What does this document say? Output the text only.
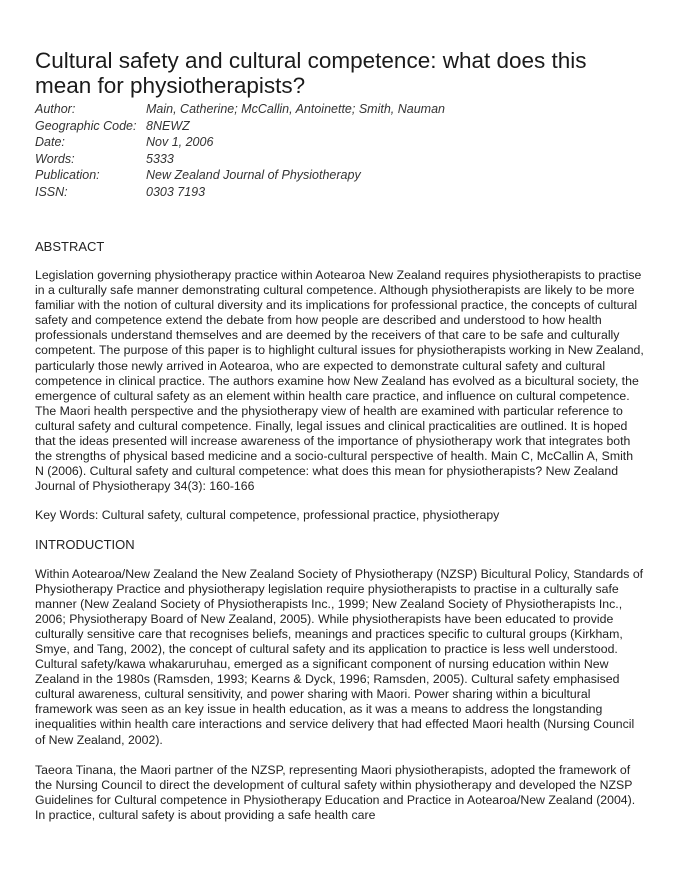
Cultural safety and cultural competence: what does this mean for physiotherapists?
Author:	Main, Catherine; McCallin, Antoinette; Smith, Nauman
Geographic Code: 8NEWZ
Date:	Nov 1, 2006
Words:	5333
Publication:	New Zealand Journal of Physiotherapy
ISSN:	0303 7193
ABSTRACT

Legislation governing physiotherapy practice within Aotearoa New Zealand requires physiotherapists to practise in a culturally safe manner demonstrating cultural competence. Although physiotherapists are likely to be more familiar with the notion of cultural diversity and its implications for professional practice, the concepts of cultural safety and competence extend the debate from how people are described and understood to how health professionals understand themselves and are deemed by the receivers of that care to be safe and culturally competent. The purpose of this paper is to highlight cultural issues for physiotherapists working in New Zealand, particularly those newly arrived in Aotearoa, who are expected to demonstrate cultural safety and cultural competence in clinical practice. The authors examine how New Zealand has evolved as a bicultural society, the emergence of cultural safety as an element within health care practice, and influence on cultural competence. The Maori health perspective and the physiotherapy view of health are examined with particular reference to cultural safety and cultural competence. Finally, legal issues and clinical practicalities are outlined. It is hoped that the ideas presented will increase awareness of the importance of physiotherapy work that integrates both the strengths of physical based medicine and a socio-cultural perspective of health. Main C, McCallin A, Smith N (2006). Cultural safety and cultural competence: what does this mean for physiotherapists? New Zealand Journal of Physiotherapy 34(3): 160-166

Key Words: Cultural safety, cultural competence, professional practice, physiotherapy

INTRODUCTION

Within Aotearoa/New Zealand the New Zealand Society of Physiotherapy (NZSP) Bicultural Policy, Standards of Physiotherapy Practice and physiotherapy legislation require physiotherapists to practise in a culturally safe manner (New Zealand Society of Physiotherapists Inc., 1999; New Zealand Society of Physiotherapists Inc., 2006; Physiotherapy Board of New Zealand, 2005). While physiotherapists have been educated to provide culturally sensitive care that recognises beliefs, meanings and practices specific to cultural groups (Kirkham, Smye, and Tang, 2002), the concept of cultural safety and its application to practice is less well understood. Cultural safety/kawa whakaruruhau, emerged as a significant component of nursing education within New Zealand in the 1980s (Ramsden, 1993; Kearns & Dyck, 1996; Ramsden, 2005). Cultural safety emphasised cultural awareness, cultural sensitivity, and power sharing with Maori. Power sharing within a bicultural framework was seen as an key issue in health education, as it was a means to address the longstanding inequalities within health care interactions and service delivery that had effected Maori health (Nursing Council of New Zealand, 2002).

Taeora Tinana, the Maori partner of the NZSP, representing Maori physiotherapists, adopted the framework of the Nursing Council to direct the development of cultural safety within physiotherapy and developed the NZSP Guidelines for Cultural competence in Physiotherapy Education and Practice in Aotearoa/New Zealand (2004). In practice, cultural safety is about providing a safe health care
